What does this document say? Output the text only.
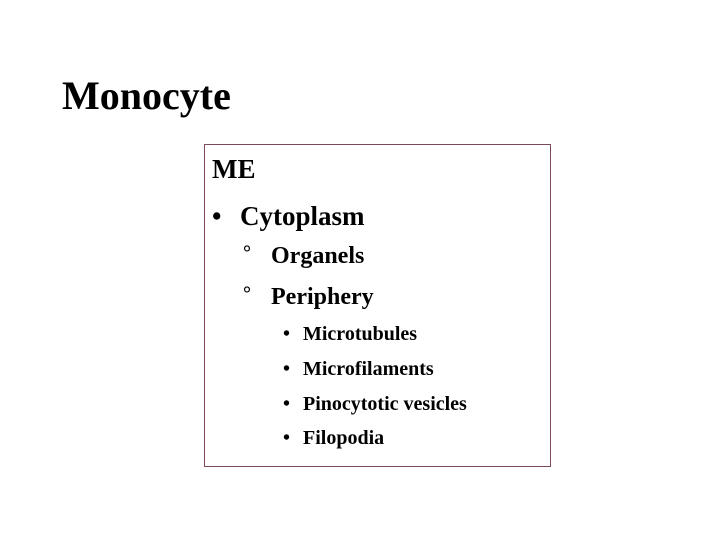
Monocyte
ME
• Cytoplasm
° Organels
° Periphery
• Microtubules
• Microfilaments
• Pinocytotic vesicles
• Filopodia
